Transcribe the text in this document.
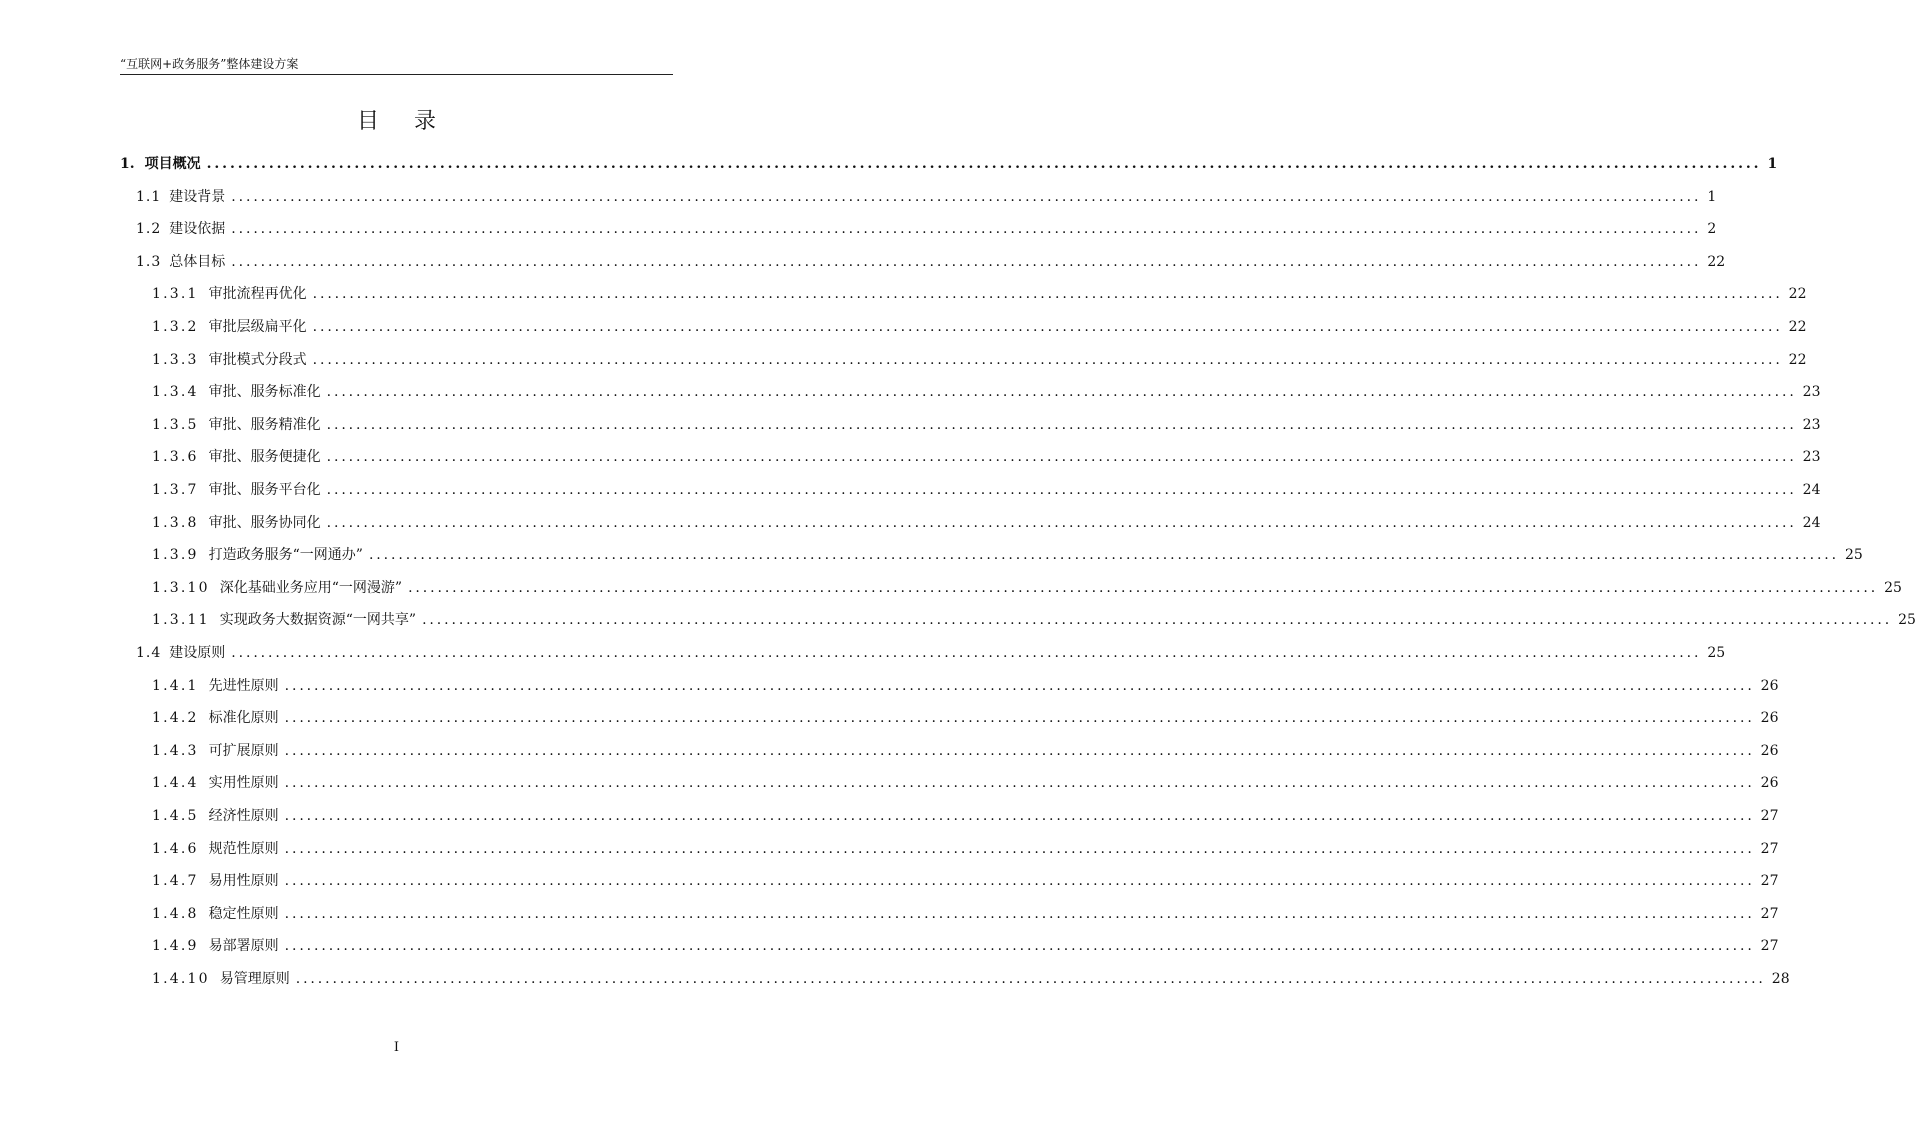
“互联网+政务服务”整体建设方案
目 录
1. 项目概况 ........................................................................................................................................................................................................ 1
1.1 建设背景 ........................................................................................................................................................................................................ 1
1.2 建设依据 ........................................................................................................................................................................................................ 2
1.3 总体目标 ........................................................................................................................................................................................................ 22
1.3.1 审批流程再优化 ........................................................................................................................................................................................................ 22
1.3.2 审批层级扁平化 ........................................................................................................................................................................................................ 22
1.3.3 审批模式分段式 ........................................................................................................................................................................................................ 22
1.3.4 审批、服务标准化 ........................................................................................................................................................................................................ 23
1.3.5 审批、服务精准化 ........................................................................................................................................................................................................ 23
1.3.6 审批、服务便捷化 ........................................................................................................................................................................................................ 23
1.3.7 审批、服务平台化 ........................................................................................................................................................................................................ 24
1.3.8 审批、服务协同化 ........................................................................................................................................................................................................ 24
1.3.9 打造政务服务“一网通办” ........................................................................................................................................................................................................ 25
1.3.10 深化基础业务应用“一网漫游” ........................................................................................................................................................................................................ 25
1.3.11 实现政务大数据资源“一网共享” ........................................................................................................................................................................................................ 25
1.4 建设原则 ........................................................................................................................................................................................................ 25
1.4.1 先进性原则 ........................................................................................................................................................................................................ 26
1.4.2 标准化原则 ........................................................................................................................................................................................................ 26
1.4.3 可扩展原则 ........................................................................................................................................................................................................ 26
1.4.4 实用性原则 ........................................................................................................................................................................................................ 26
1.4.5 经济性原则 ........................................................................................................................................................................................................ 27
1.4.6 规范性原则 ........................................................................................................................................................................................................ 27
1.4.7 易用性原则 ........................................................................................................................................................................................................ 27
1.4.8 稳定性原则 ........................................................................................................................................................................................................ 27
1.4.9 易部署原则 ........................................................................................................................................................................................................ 27
1.4.10 易管理原则 ........................................................................................................................................................................................................ 28
I
